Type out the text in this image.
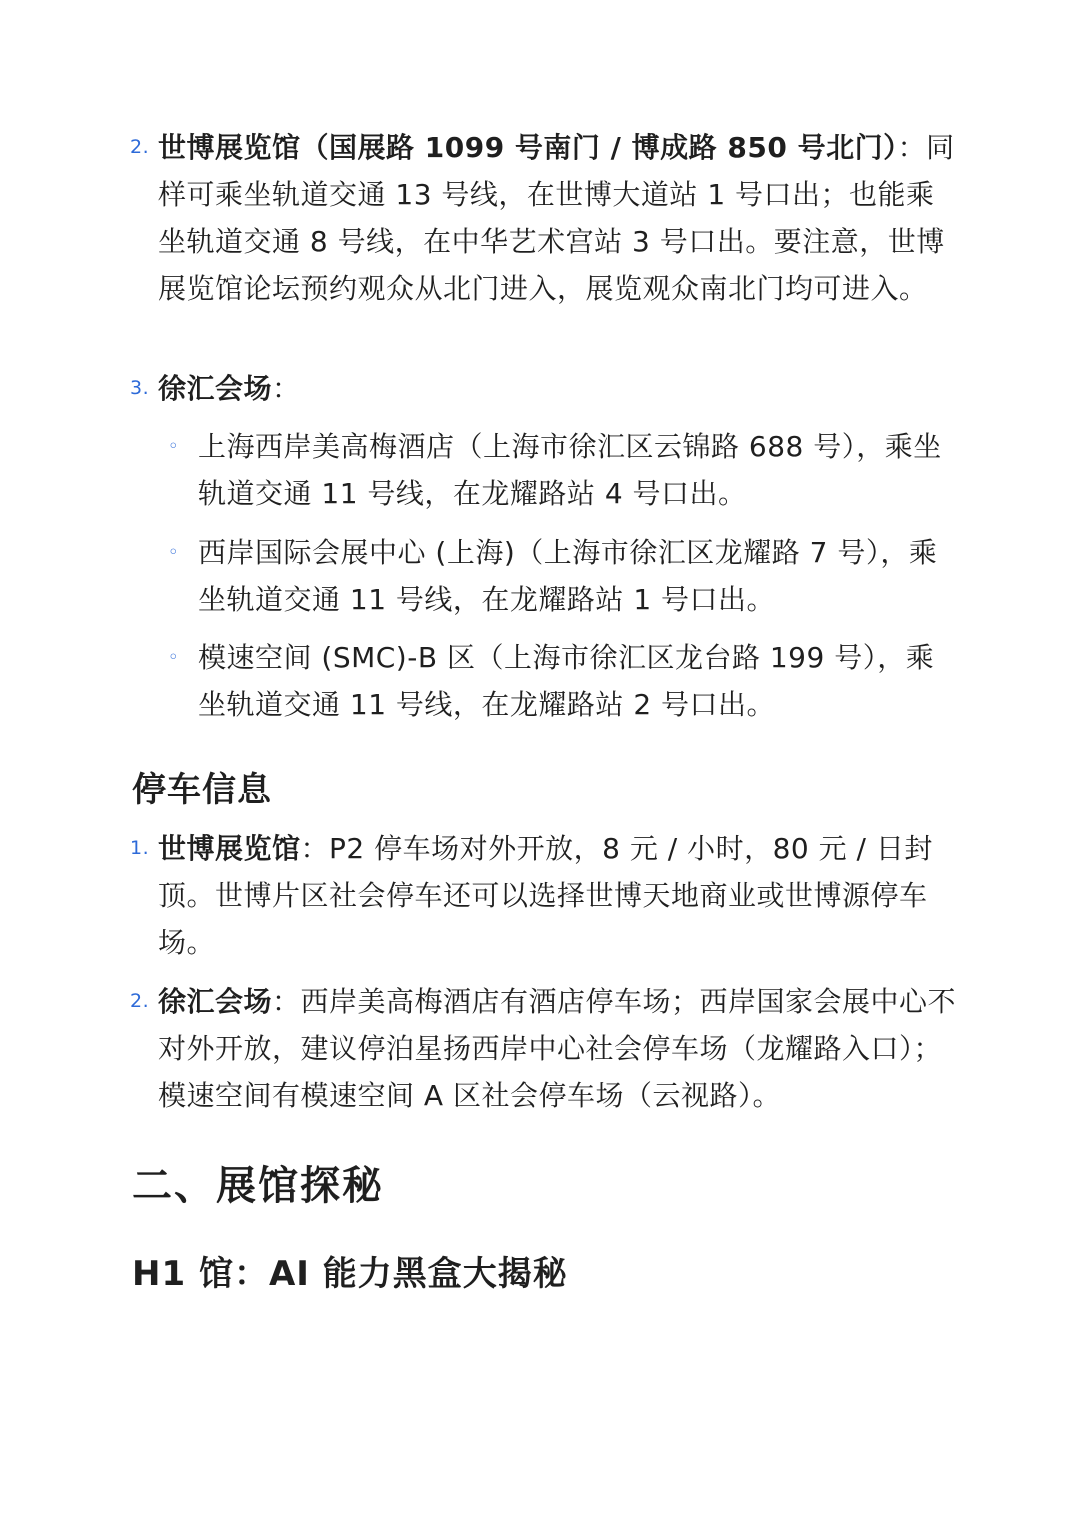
2. 世博展览馆（国展路 1099 号南门 / 博成路 850 号北门）：同样可乘坐轨道交通 13 号线，在世博大道站 1 号口出；也能乘坐轨道交通 8 号线，在中华艺术宫站 3 号口出。要注意，世博展览馆论坛预约观众从北门进入，展览观众南北门均可进入。
3. 徐汇会场：
◦ 上海西岸美高梅酒店（上海市徐汇区云锦路 688 号），乘坐轨道交通 11 号线，在龙耀路站 4 号口出。
◦ 西岸国际会展中心 (上海)（上海市徐汇区龙耀路 7 号），乘坐轨道交通 11 号线，在龙耀路站 1 号口出。
◦ 模速空间 (SMC)-B 区（上海市徐汇区龙台路 199 号），乘坐轨道交通 11 号线，在龙耀路站 2 号口出。
停车信息
1. 世博展览馆：P2 停车场对外开放，8 元 / 小时，80 元 / 日封顶。世博片区社会停车还可以选择世博天地商业或世博源停车场。
2. 徐汇会场：西岸美高梅酒店有酒店停车场；西岸国家会展中心不对外开放，建议停泊星扬西岸中心社会停车场（龙耀路入口）；模速空间有模速空间 A 区社会停车场（云视路）。
二、展馆探秘
H1 馆：AI 能力黑盒大揭秘
